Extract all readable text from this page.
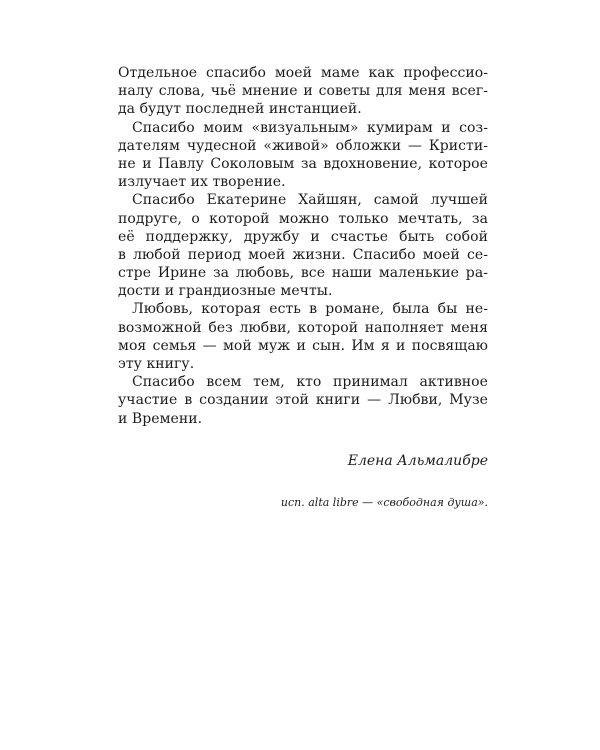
Отдельное спасибо моей маме как профессио-
налу слова, чьё мнение и советы для меня всег-
да будут последней инстанцией.
Спасибо моим «визуальным» кумирам и соз-
дателям чудесной «живой» обложки — Кристи-
не и Павлу Соколовым за вдохновение, которое
излучает их творение.
Спасибо Екатерине Хайшян, самой лучшей
подруге, о которой можно только мечтать, за
её поддержку, дружбу и счастье быть собой
в любой период моей жизни. Спасибо моей се-
стре Ирине за любовь, все наши маленькие ра-
дости и грандиозные мечты.
Любовь, которая есть в романе, была бы не-
возможной без любви, которой наполняет меня
моя семья — мой муж и сын. Им я и посвящаю
эту книгу.
Спасибо всем тем, кто принимал активное
участие в создании этой книги — Любви, Музе
и Времени.
Елена Альмалибре
исп. alta libre — «свободная душа».
